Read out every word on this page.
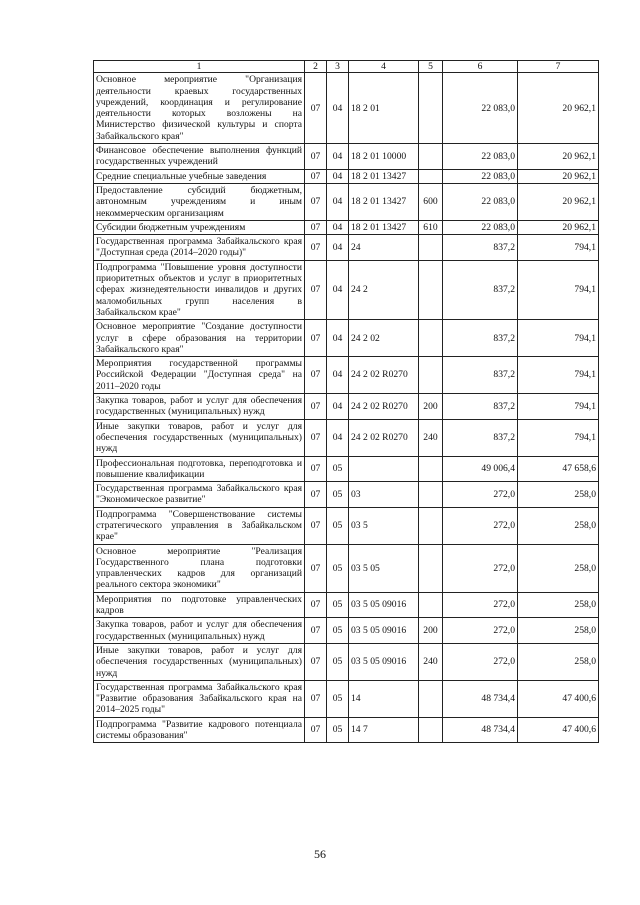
1	2	3	4	5	6	7
Основное мероприятие "Организация деятельности краевых государственных учреждений, координация и регулирование деятельности которых возложены на Министерство физической культуры и спорта Забайкальского края"	07	04	18 2 01		22 083,0	20 962,1
Финансовое обеспечение выполнения функций государственных учреждений	07	04	18 2 01 10000		22 083,0	20 962,1
Средние специальные учебные заведения	07	04	18 2 01 13427		22 083,0	20 962,1
Предоставление субсидий бюджетным, автономным учреждениям и иным некоммерческим организациям	07	04	18 2 01 13427	600	22 083,0	20 962,1
Субсидии бюджетным учреждениям	07	04	18 2 01 13427	610	22 083,0	20 962,1
Государственная программа Забайкальского края "Доступная среда (2014–2020 годы)"	07	04	24		837,2	794,1
Подпрограмма "Повышение уровня доступности приоритетных объектов и услуг в приоритетных сферах жизнедеятельности инвалидов и других маломобильных групп населения в Забайкальском крае"	07	04	24 2		837,2	794,1
Основное мероприятие "Создание доступности услуг в сфере образования на территории Забайкальского края"	07	04	24 2 02		837,2	794,1
Мероприятия государственной программы Российской Федерации "Доступная среда" на 2011–2020 годы	07	04	24 2 02 R0270		837,2	794,1
Закупка товаров, работ и услуг для обеспечения государственных (муниципальных) нужд	07	04	24 2 02 R0270	200	837,2	794,1
Иные закупки товаров, работ и услуг для обеспечения государственных (муниципальных) нужд	07	04	24 2 02 R0270	240	837,2	794,1
Профессиональная подготовка, переподготовка и повышение квалификации	07	05			49 006,4	47 658,6
Государственная программа Забайкальского края "Экономическое развитие"	07	05	03		272,0	258,0
Подпрограмма "Совершенствование системы стратегического управления в Забайкальском крае"	07	05	03 5		272,0	258,0
Основное мероприятие "Реализация Государственного плана подготовки управленческих кадров для организаций реального сектора экономики"	07	05	03 5 05		272,0	258,0
Мероприятия по подготовке управленческих кадров	07	05	03 5 05 09016		272,0	258,0
Закупка товаров, работ и услуг для обеспечения государственных (муниципальных) нужд	07	05	03 5 05 09016	200	272,0	258,0
Иные закупки товаров, работ и услуг для обеспечения государственных (муниципальных) нужд	07	05	03 5 05 09016	240	272,0	258,0
Государственная программа Забайкальского края "Развитие образования Забайкальского края на 2014–2025 годы"	07	05	14		48 734,4	47 400,6
Подпрограмма "Развитие кадрового потенциала системы образования"	07	05	14 7		48 734,4	47 400,6
56
